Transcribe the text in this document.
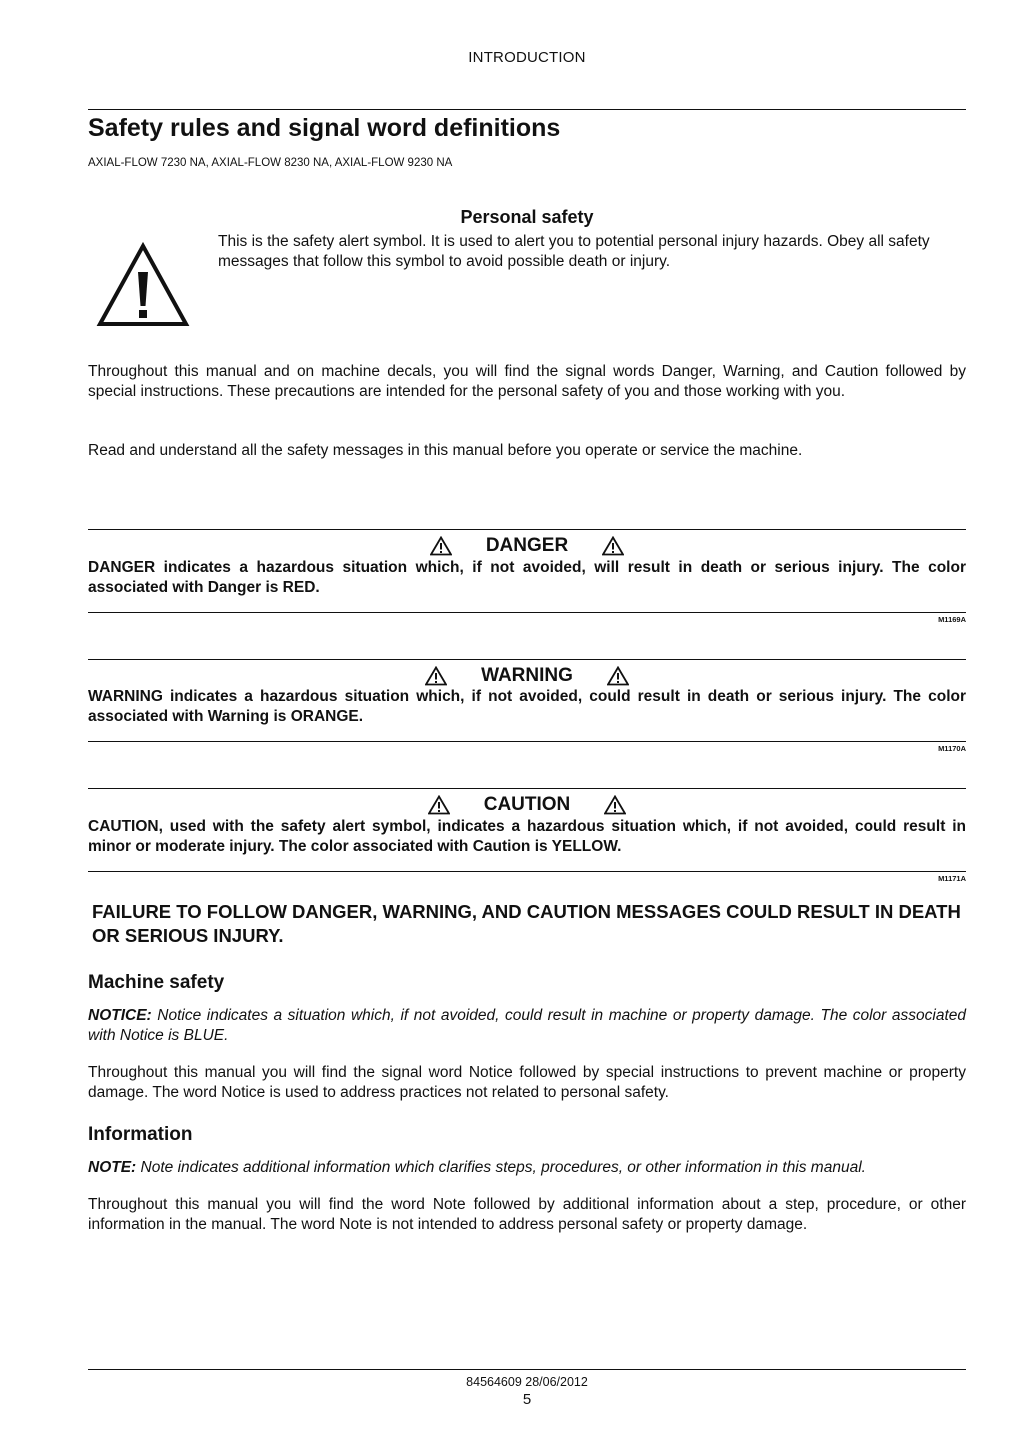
INTRODUCTION
Safety rules and signal word definitions
AXIAL-FLOW 7230 NA, AXIAL-FLOW 8230 NA, AXIAL-FLOW 9230 NA
Personal safety
This is the safety alert symbol. It is used to alert you to potential personal injury hazards. Obey all safety messages that follow this symbol to avoid possible death or injury.
Throughout this manual and on machine decals, you will find the signal words Danger, Warning, and Caution followed by special instructions. These precautions are intended for the personal safety of you and those working with you.
Read and understand all the safety messages in this manual before you operate or service the machine.
DANGER
DANGER indicates a hazardous situation which, if not avoided, will result in death or serious injury. The color associated with Danger is RED.
M1169A
WARNING
WARNING indicates a hazardous situation which, if not avoided, could result in death or serious injury. The color associated with Warning is ORANGE.
M1170A
CAUTION
CAUTION, used with the safety alert symbol, indicates a hazardous situation which, if not avoided, could result in minor or moderate injury. The color associated with Caution is YELLOW.
M1171A
FAILURE TO FOLLOW DANGER, WARNING, AND CAUTION MESSAGES COULD RESULT IN DEATH OR SERIOUS INJURY.
Machine safety
NOTICE: Notice indicates a situation which, if not avoided, could result in machine or property damage. The color associated with Notice is BLUE.
Throughout this manual you will find the signal word Notice followed by special instructions to prevent machine or property damage. The word Notice is used to address practices not related to personal safety.
Information
NOTE: Note indicates additional information which clarifies steps, procedures, or other information in this manual.
Throughout this manual you will find the word Note followed by additional information about a step, procedure, or other information in the manual. The word Note is not intended to address personal safety or property damage.
84564609 28/06/2012
5
